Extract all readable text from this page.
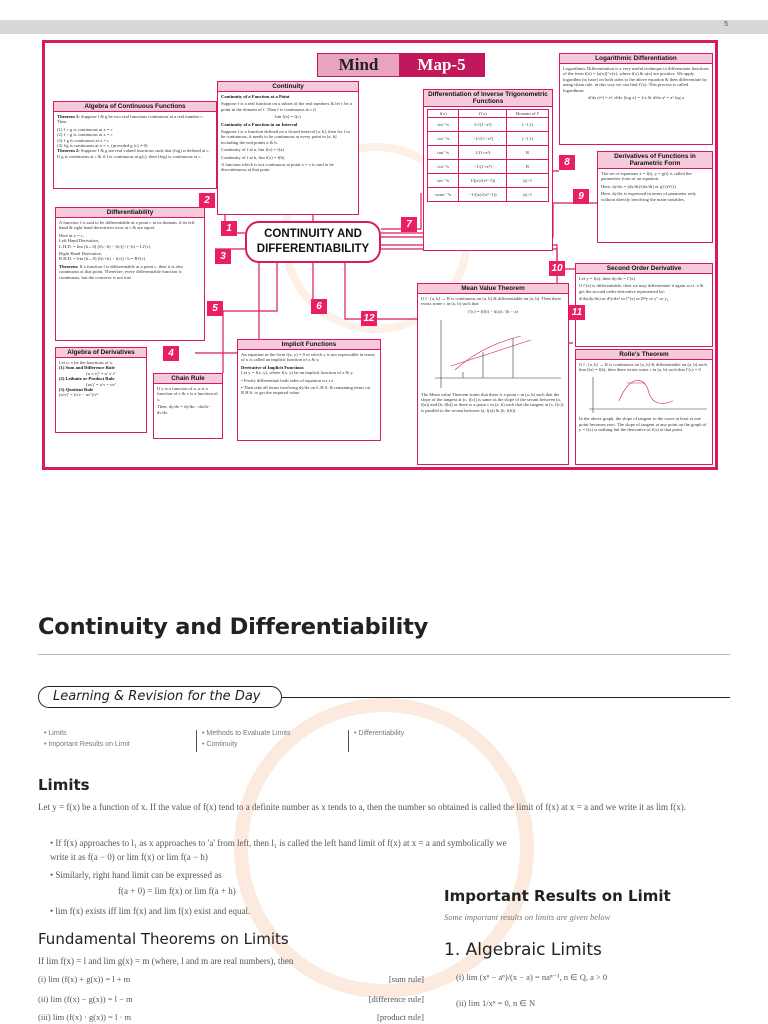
5
Mind	Map-5
Algebra of Continuous Functions

Theorem 1: Suppose f & g be two real functions continuous at a real number c. Then

(1) f + g is continuous at x = c
(2) f − g is continuous at x = c
(3) f·g is continuous at x = c
(4) f/g is continuous at x = c, (provided g (c) ≠ 0)

Theorem 2: Suppose f & g are real valued functions such that (fog) is defined at c. If g is continuous at c & if f is continuous at g(c), then (fog) is continuous at c.

Continuity

Continuity of a Function at a Point

Suppose f is a real function on a subset of the real numbers & let c be a point in the domain of f. Then f is continuous at c if

lim f(x) = f(c)

Continuity of a Function in an Interval

Suppose f is a function defined on a closed interval [a, b], then for f to be continuous, it needs to be continuous at every point in [a, b] including the end points a & b.

Continuity of f at a, lim f(x) = f(a)

Continuity of f at b, lim f(x) = f(b)

A function which is not continuous at point x = c is said to be discontinuous at that point

Differentiation of Inverse Trigonometric Functions
f(x)	f′(x)	Domain of f′
sin⁻¹x	1/√(1−x²)	(−1,1)
cos⁻¹x	−1/√(1−x²)	(−1,1)
tan⁻¹x	1/(1+x²)	R
cot⁻¹x	−1/(1+x²)	R
sec⁻¹x	1/(|x|√(x²−1))	|x|>1
cosec⁻¹x	−1/(|x|√(x²−1))	|x|>1
Logarithmic Differentiation

Logarithmic Differentiation is a very useful technique to differentiate functions of the form f(x) = [u(x)]^v(x), where f(x) & u(x) are positive. We apply logarithm (to base) on both sides to the above equation & then differentiate by using chain rule, in this way we can find f′(x). This process is called logarithmic

d/dx (eˣ) = eˣ, d/dx (log x) = 1/x & d/dx aˣ = aˣ log a

Derivatives of Functions in Parametric Form

The set of equations x = f(t), y = g(t) is called the parametric form of an equation.

Here, dy/dx = (dy/dt)/(dx/dt) or g′(t)/f′(t)

Here, dy/dx is expressed in terms of parameter only without directly involving the main variables.

Differentiability

A function f is said to be differentiable at a point c in its domain, if its left hand & right hand derivatives exist at c & are equal.

Here at x = c,
Left Hand Derivative,

L.H.D. = lim (h→0) [f(c−h) − f(c)] / (−h) = Lf′(c)

Right Hand Derivative,

R.H.D. = lim (h→0) [f(c+h) − f(c)] / h = Rf′(c)

Theorem: If a function f is differentiable at a point c, then it is also continuous at that point. Therefore, every differentiable function is continuous, but the converse is not true.

CONTINUITY AND
DIFFERENTIABILITY
Second Order Derivative

Let y = f(x), then dy/dx = f′(x)

If f′(x) is differentiable, then we may differentiate it again w.r.t. x & get the second order derivative represented by:

d/dx(dy/dx) or d²y/dx² or f″(x) or D²y or y″ or y₂

Mean Value Theorem

If f : [a, b] → R is continuous on [a, b] & differentiable on (a, b). Then there exists some c in (a, b) such that

f′(c) = [f(b) − f(a)] / (b − a)

The Mean value Theorem states that there is a point c in (a, b) such that the slope of the tangent at (c, f(c)) is same as the slope of the secant between (a, f(a)) and (b, f(b)) or there is a point c in (a, b) such that the tangent at (c, f(c)) is parallel to the secant between (a, f(a)) & (b, f(b)).

Rolle's Theorem

If f : [a, b] → R is continuous on [a, b] & differentiable on (a, b) such that f(a) = f(b), then there exists some c in (a, b) such that f′(c) = 0

In the above graph, the slope of tangent to the curve at least at one point becomes zero. The slope of tangent at any point on the graph of y = f(x) is nothing but the derivative of f(x) at that point.

Algebra of Derivatives
Let u, v be the functions of x.
(1) Sum and Difference Rule
(u ± v)′ = u′ ± v′
(2) Leibnitz or Product Rule
(uv)′ = u′v + uv′
(3) Quotient Rule
(u/v)′ = (u′v − uv′)/v²
Chain Rule

If y is a function of u, u is a function of v & v is a function of x,

Then, dy/dx = dy/du · du/dv · dv/dx

Implicit Functions

An equation in the form f(x, y) = 0 in which y is not expressible in terms of x is called an implicit function of x & y.

Derivative of Implicit Functions

Let y = f(x, y), where f(x, y) be an implicit function of x & y.

• Firstly differentiate both sides of equation w.r.t x

• Then take all terms involving dy/dx on L.H.S. & remaining terms on R.H.S. to get the required value.

1
2
3
4
5	6
7
8
9
10
11
12
Continuity and Differentiability
Learning & Revision for the Day
• Limits
• Important Results on Limit
• Methods to Evaluate Limits
• Continuity
• Differentiability
Limits
Let y = f(x) be a function of x. If the value of f(x) tend to a definite number as x tends to a, then the number so obtained is called the limit of f(x) at x = a and we write it as lim f(x).
• If f(x) approaches to l₁ as x approaches to 'a' from left, then l₁ is called the left hand limit of f(x) at x = a and symbolically we write it as f(a − 0) or lim f(x) or lim f(a − h)
• Similarly, right hand limit can be expressed as
f(a + 0) = lim f(x) or lim f(a + h)
• lim f(x) exists iff lim f(x) and lim f(x) exist and equal.
Fundamental Theorems on Limits
If lim f(x) = l and lim g(x) = m (where, l and m are real numbers), then
(i) lim (f(x) + g(x)) = l + m	[sum rule]
(ii) lim (f(x) − g(x)) = l − m	[difference rule]
(iii) lim (f(x) · g(x)) = l · m	[product rule]
Important Results on Limit
Some important results on limits are given below
1. Algebraic Limits
(i) lim (xⁿ − aⁿ)/(x − a) = naⁿ⁻¹, n ∈ Q, a > 0
(ii) lim 1/xⁿ = 0, n ∈ N
